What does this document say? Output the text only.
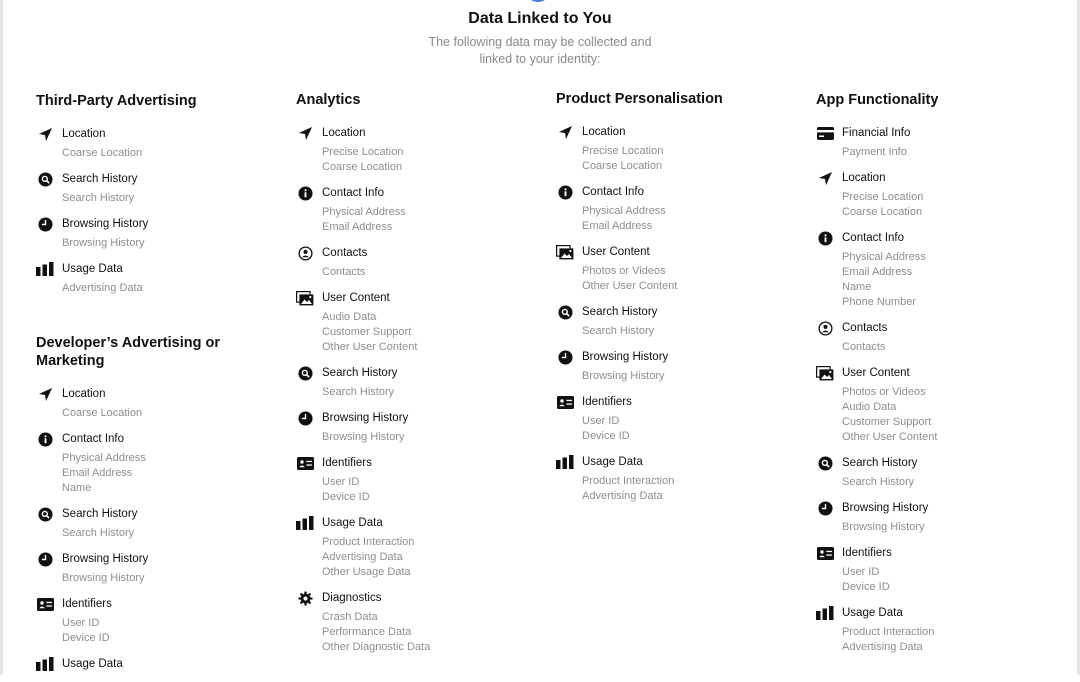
Data Linked to You
The following data may be collected and
linked to your identity:
Third-Party Advertising
Location
Coarse Location
Search History
Search History
Browsing History
Browsing History
Usage Data
Advertising Data
Developer’s Advertising or Marketing
Location
Coarse Location
Contact Info
Physical Address
Email Address
Name
Search History
Search History
Browsing History
Browsing History
Identifiers
User ID
Device ID
Usage Data
Analytics
Location
Precise Location
Coarse Location
Contact Info
Physical Address
Email Address
Contacts
Contacts
User Content
Audio Data
Customer Support
Other User Content
Search History
Search History
Browsing History
Browsing History
Identifiers
User ID
Device ID
Usage Data
Product Interaction
Advertising Data
Other Usage Data
Diagnostics
Crash Data
Performance Data
Other Diagnostic Data
Product Personalisation
Location
Precise Location
Coarse Location
Contact Info
Physical Address
Email Address
User Content
Photos or Videos
Other User Content
Search History
Search History
Browsing History
Browsing History
Identifiers
User ID
Device ID
Usage Data
Product Interaction
Advertising Data
App Functionality
Financial Info
Payment Info
Location
Precise Location
Coarse Location
Contact Info
Physical Address
Email Address
Name
Phone Number
Contacts
Contacts
User Content
Photos or Videos
Audio Data
Customer Support
Other User Content
Search History
Search History
Browsing History
Browsing History
Identifiers
User ID
Device ID
Usage Data
Product Interaction
Advertising Data
